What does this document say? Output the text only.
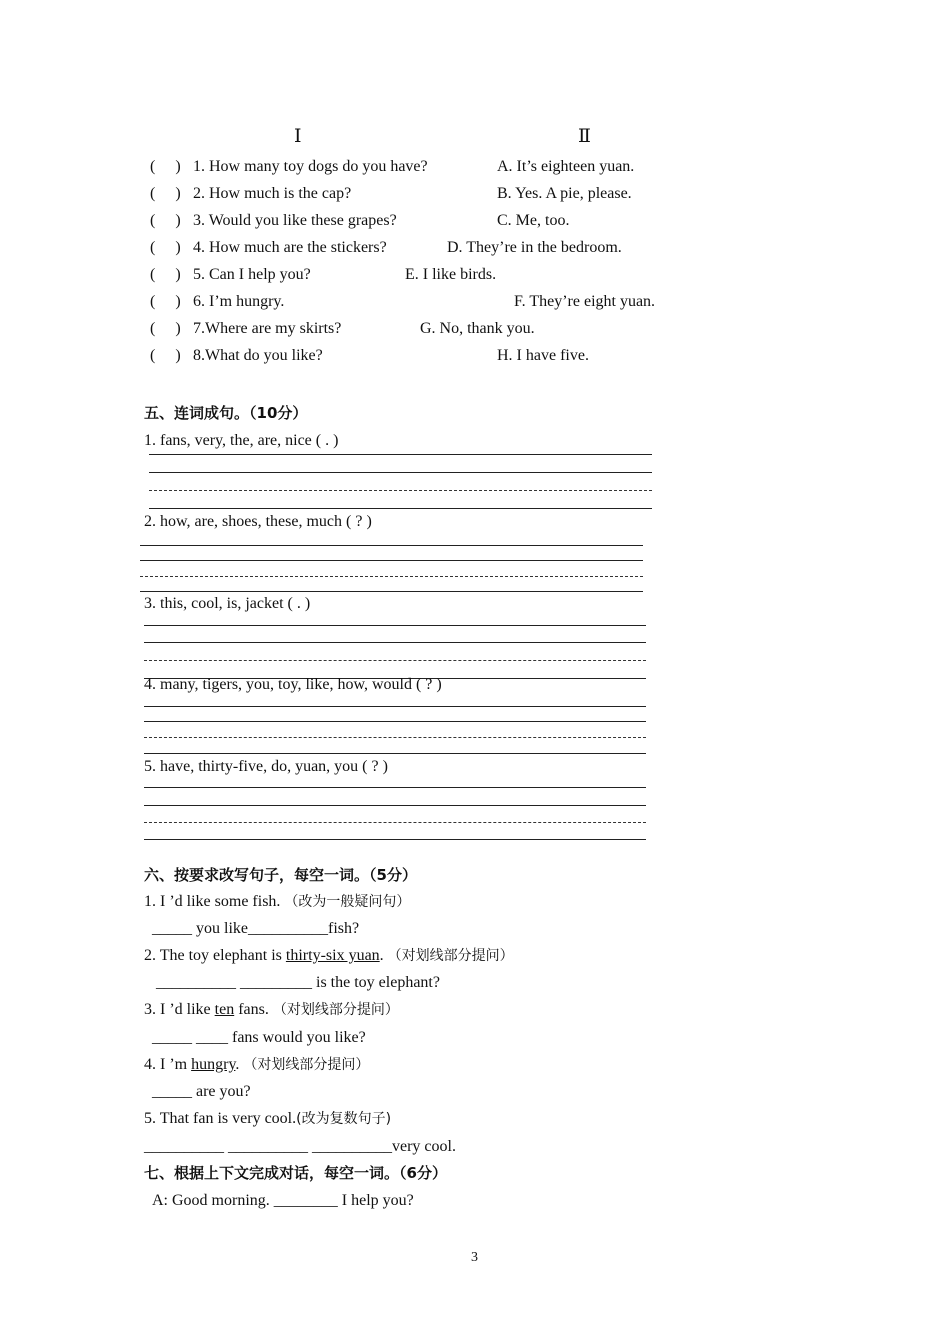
Ⅰ	Ⅱ
(　 ) 1. How many toy dogs do you have?
(　 ) 2. How much is the cap?
(　 ) 3. Would you like these grapes?
(　 ) 4. How much are the stickers?
(　 ) 5. Can I help you?
(　 ) 6. I’m hungry.
(　 ) 7.Where are my skirts?
(　 ) 8.What do you like?
A. It’s eighteen yuan.
B. Yes. A pie, please.
C. Me, too.
D. They’re in the bedroom.
E. I like birds.
F. They’re eight yuan.
G. No, thank you.
H. I have five.
五、连词成句。（10分）
1. fans, very, the, are, nice ( . )
2. how, are, shoes, these, much ( ? )
3. this, cool, is, jacket ( . )
4. many, tigers, you, toy, like, how, would ( ? )
5. have, thirty-five, do, yuan, you ( ? )
六、按要求改写句子，每空一词。（5分）
1. I ’d like some fish. （改为一般疑问句）
_____ you like__________fish?
2. The toy elephant is thirty-six yuan. （对划线部分提问）
__________ _________ is the toy elephant?
3. I ’d like ten fans. （对划线部分提问）
_____ ____ fans would you like?
4. I ’m hungry. （对划线部分提问）
_____ are you?
5. That fan is very cool.(改为复数句子)
__________ __________ __________very cool.
七、根据上下文完成对话，每空一词。（6分）
A: Good morning. ________ I help you?
3
